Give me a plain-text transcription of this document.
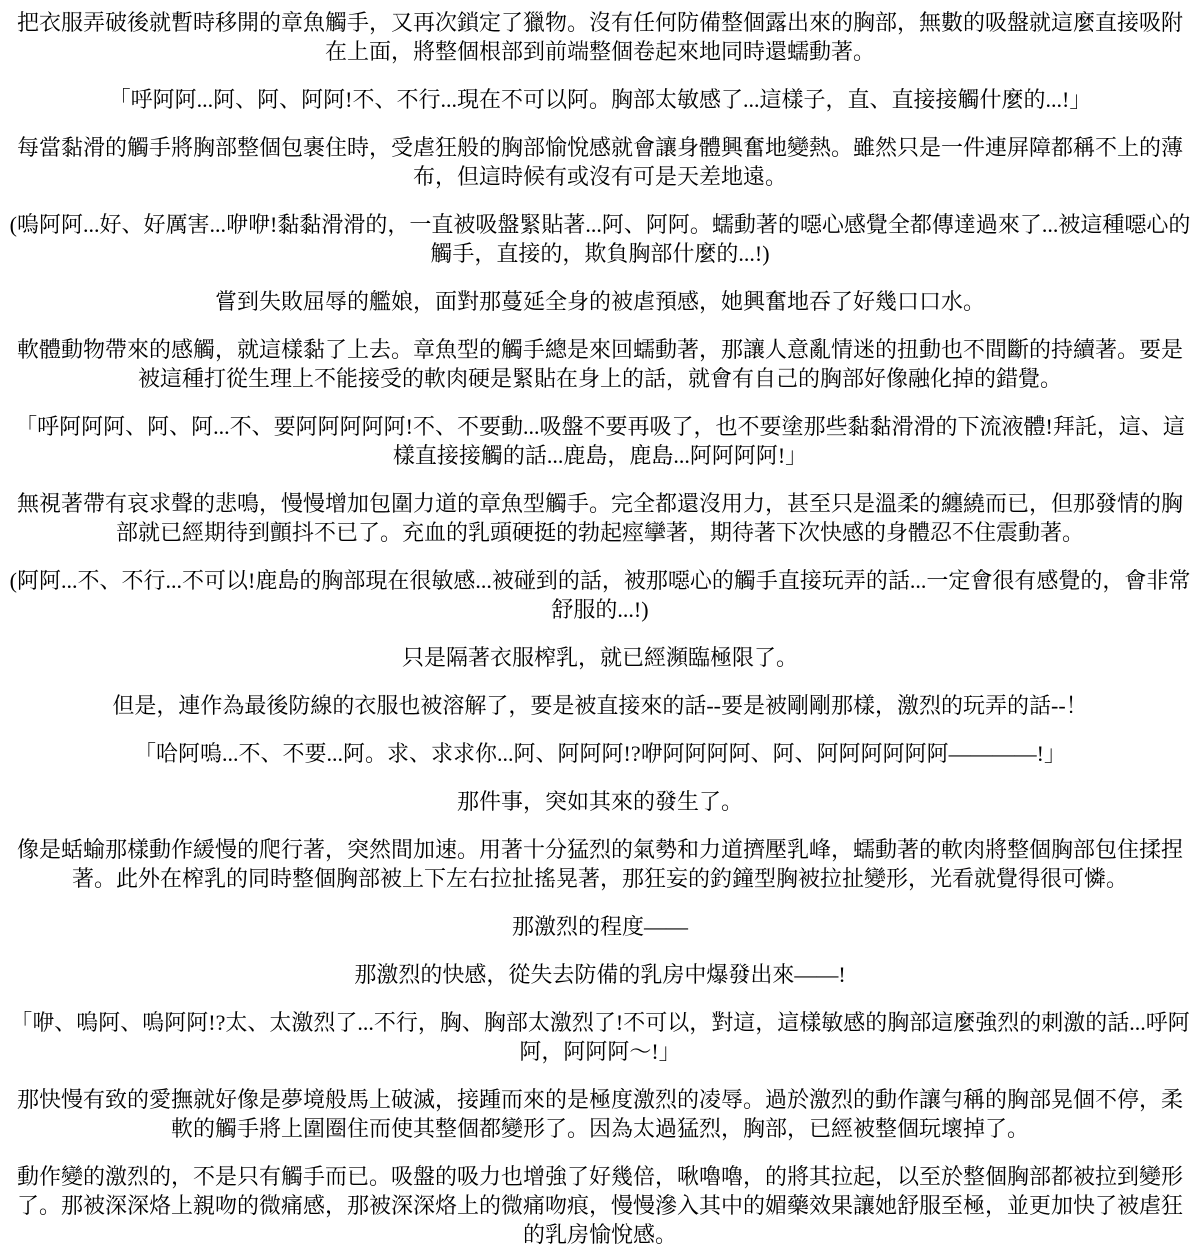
把衣服弄破後就暫時移開的章魚觸手，又再次鎖定了獵物。沒有任何防備整個露出來的胸部，無數的吸盤就這麼直接吸附在上面，將整個根部到前端整個卷起來地同時還蠕動著。

「呼阿阿...阿、阿、阿阿!不、不行...現在不可以阿。胸部太敏感了...這樣子，直、直接接觸什麼的...!」

每當黏滑的觸手將胸部整個包裹住時，受虐狂般的胸部愉悅感就會讓身體興奮地變熱。雖然只是一件連屏障都稱不上的薄布，但這時候有或沒有可是天差地遠。

(嗚阿阿...好、好厲害...咿咿!黏黏滑滑的，一直被吸盤緊貼著...阿、阿阿。蠕動著的噁心感覺全都傳達過來了...被這種噁心的觸手，直接的，欺負胸部什麼的...!)

嘗到失敗屈辱的艦娘，面對那蔓延全身的被虐預感，她興奮地吞了好幾口口水。

軟體動物帶來的感觸，就這樣黏了上去。章魚型的觸手總是來回蠕動著，那讓人意亂情迷的扭動也不間斷的持續著。要是被這種打從生理上不能接受的軟肉硬是緊貼在身上的話，就會有自己的胸部好像融化掉的錯覺。

「呼阿阿阿、阿、阿...不、要阿阿阿阿阿!不、不要動...吸盤不要再吸了，也不要塗那些黏黏滑滑的下流液體!拜託，這、這樣直接接觸的話...鹿島，鹿島...阿阿阿阿!」

無視著帶有哀求聲的悲鳴，慢慢增加包圍力道的章魚型觸手。完全都還沒用力，甚至只是溫柔的纏繞而已，但那發情的胸部就已經期待到顫抖不已了。充血的乳頭硬挺的勃起痙攣著，期待著下次快感的身體忍不住震動著。

(阿阿...不、不行...不可以!鹿島的胸部現在很敏感...被碰到的話，被那噁心的觸手直接玩弄的話...一定會很有感覺的，會非常舒服的...!)

只是隔著衣服榨乳，就已經瀕臨極限了。

但是，連作為最後防線的衣服也被溶解了，要是被直接來的話--要是被剛剛那樣，激烈的玩弄的話--！

「哈阿嗚...不、不要...阿。求、求求你...阿、阿阿阿!?咿阿阿阿阿、阿、阿阿阿阿阿阿————!」

那件事，突如其來的發生了。

像是蛞蝓那樣動作緩慢的爬行著，突然間加速。用著十分猛烈的氣勢和力道擠壓乳峰，蠕動著的軟肉將整個胸部包住揉捏著。此外在榨乳的同時整個胸部被上下左右拉扯搖晃著，那狂妄的釣鐘型胸被拉扯變形，光看就覺得很可憐。

那激烈的程度——

那激烈的快感，從失去防備的乳房中爆發出來——!

「咿、嗚阿、嗚阿阿!?太、太激烈了...不行，胸、胸部太激烈了!不可以，對這，這樣敏感的胸部這麼強烈的刺激的話...呼阿阿，阿阿阿～!」

那快慢有致的愛撫就好像是夢境般馬上破滅，接踵而來的是極度激烈的凌辱。過於激烈的動作讓勻稱的胸部晃個不停，柔軟的觸手將上圍圈住而使其整個都變形了。因為太過猛烈，胸部，已經被整個玩壞掉了。

動作變的激烈的，不是只有觸手而已。吸盤的吸力也增強了好幾倍，啾嚕嚕，的將其拉起，以至於整個胸部都被拉到變形了。那被深深烙上親吻的微痛感，那被深深烙上的微痛吻痕，慢慢滲入其中的媚藥效果讓她舒服至極，並更加快了被虐狂的乳房愉悅感。
